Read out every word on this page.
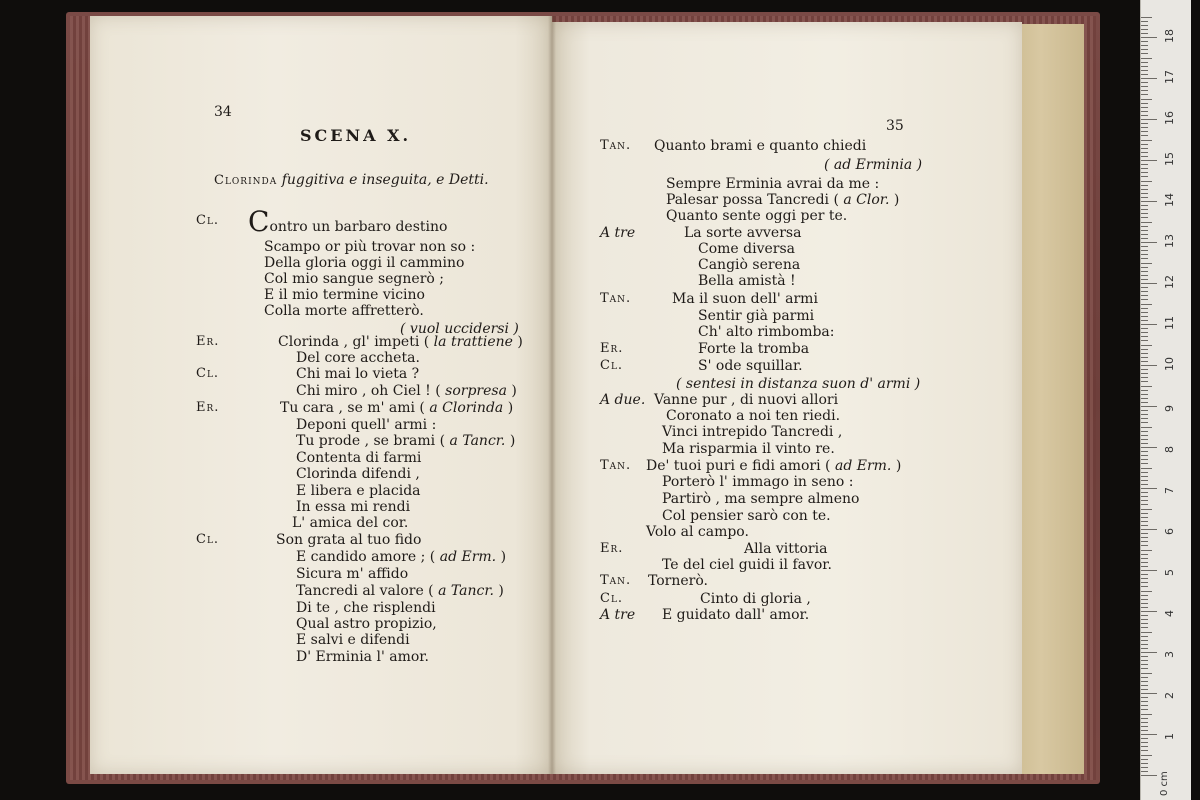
0 cm
1
2
3
4
5
6
7
8
9
10
11
12
13
14
15
16
17
18
34
SCENA X.
Clorinda fuggitiva e inseguita, e Detti.
Cl. Contro un barbaro destino
Scampo or più trovar non so :
Della gloria oggi il cammino
Col mio sangue segnerò ;
E il mio termine vicino
Colla morte affretterò.
( vuol uccidersi )
Er.	Clorinda , gl' impeti ( la trattiene )
Del core accheta.
Cl.	Chi mai lo vieta ?
Chi miro , oh Ciel ! ( sorpresa )
Er.	Tu cara , se m' ami ( a Clorinda )
Deponi quell' armi :
Tu prode , se brami ( a Tancr. )
Contenta di farmi
Clorinda difendi ,
E libera e placida
In essa mi rendi
L' amica del cor.
Cl.	Son grata al tuo fido
E candido amore ; ( ad Erm. )
Sicura m' affido
Tancredi al valore ( a Tancr. )
Di te , che risplendi
Qual astro propizio,
E salvi e difendi
D' Erminia l' amor.
35
Tan. Quanto brami e quanto chiedi
( ad Erminia )
Sempre Erminia avrai da me :
Palesar possa Tancredi ( a Clor. )
Quanto sente oggi per te.
A tre	La sorte avversa
Come diversa
Cangiò serena
Bella amistà !
Tan.	Ma il suon dell' armi
Sentir già parmi
Ch' alto rimbomba:
Er.	Forte la tromba
Cl.	S' ode squillar.
( sentesi in distanza suon d' armi )
A due. Vanne pur , di nuovi allori
Coronato a noi ten riedi.
Vinci intrepido Tancredi ,
Ma risparmia il vinto re.
Tan. De' tuoi puri e fidi amori ( ad Erm. )
Porterò l' immago in seno :
Partirò , ma sempre almeno
Col pensier sarò con te.
Volo al campo.
Er.	Alla vittoria
Te del ciel guidi il favor.
Tan. Tornerò.
Cl.	Cinto di gloria ,
A tre E guidato dall' amor.
